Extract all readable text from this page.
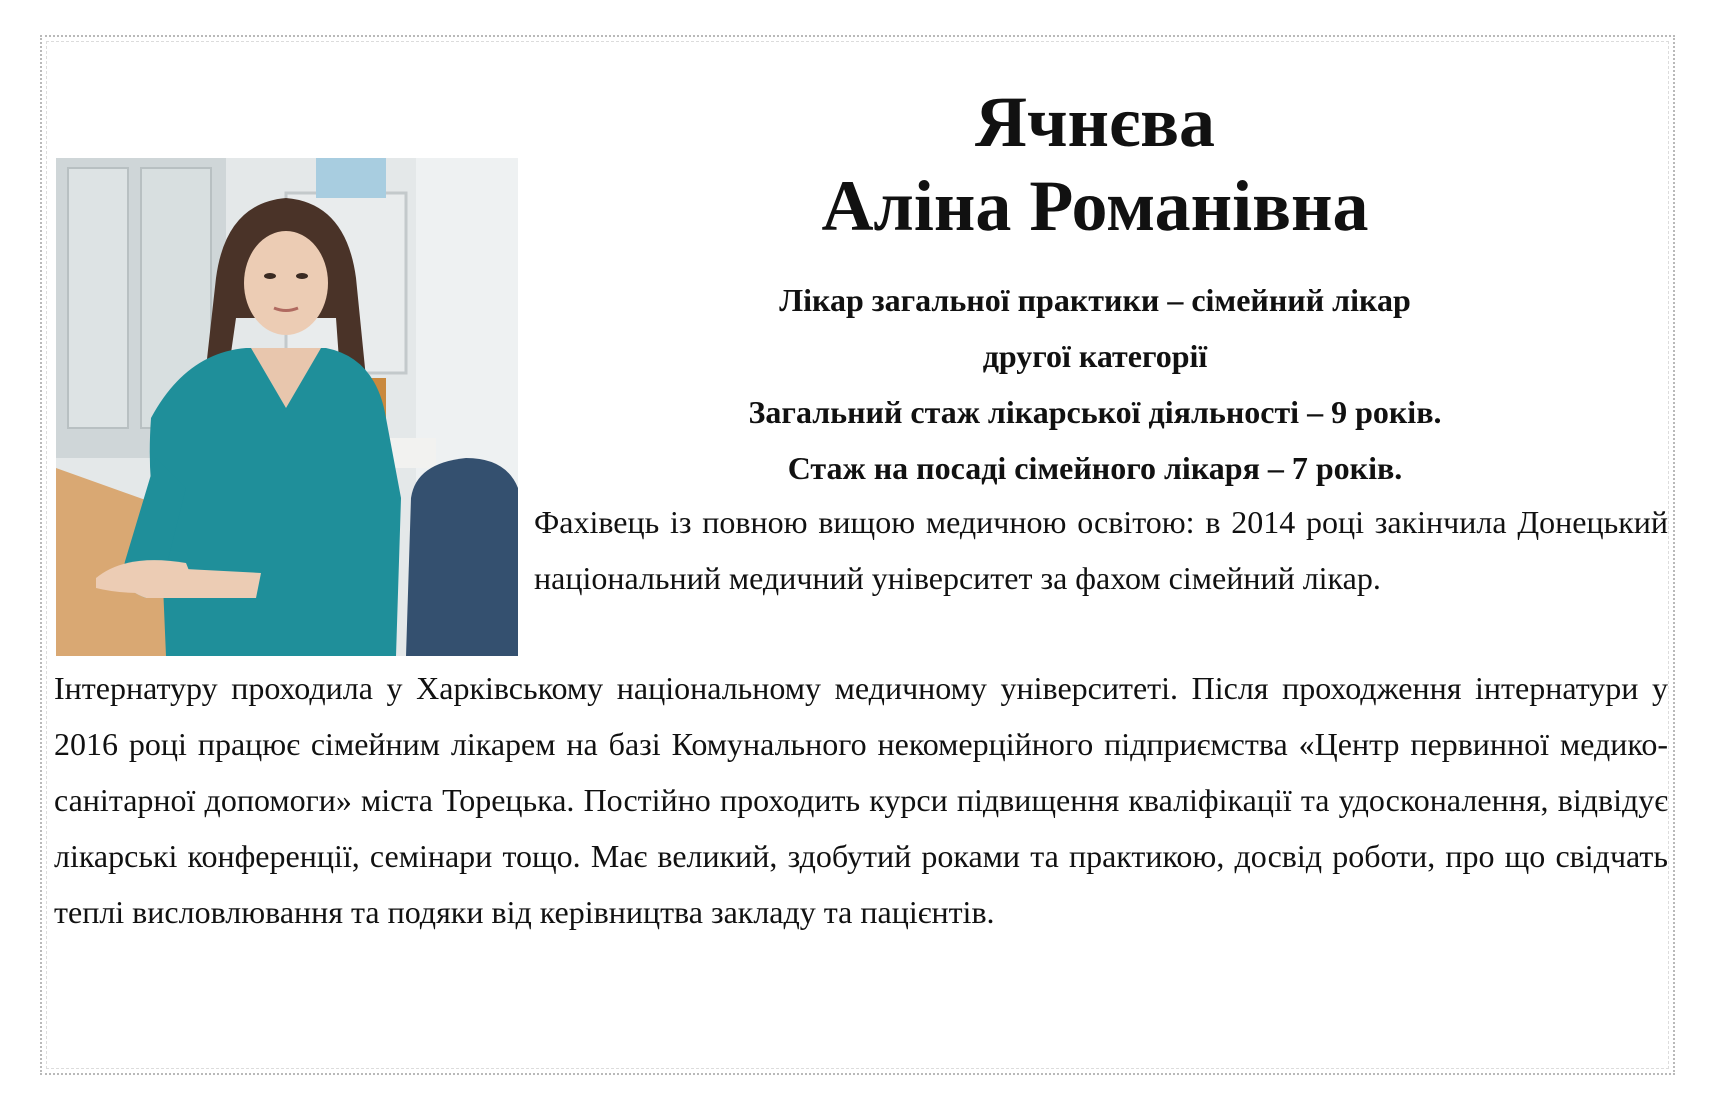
Ячнєва

Аліна Романівна

Лікар загальної практики – сімейний лікар

другої категорії

Загальний стаж лікарської діяльності – 9 років.

Стаж на посаді сімейного лікаря – 7 років.

Фахівець із повною вищою медичною освітою: в 2014 році закінчила Донецький національний медичний університет за фахом сімейний лікар.

Інтернатуру проходила у Харківському національному медичному університеті. Після проходження інтернатури у 2016 році працює сімейним лікарем на базі Комунального некомерційного підприємства «Центр первинної медико-санітарної допомоги» міста Торецька. Постійно проходить курси підвищення кваліфікації та удосконалення, відвідує лікарські конференції, семінари тощо. Має великий, здобутий роками та практикою, досвід роботи, про що свідчать теплі висловлювання та подяки від керівництва закладу та пацієнтів.
